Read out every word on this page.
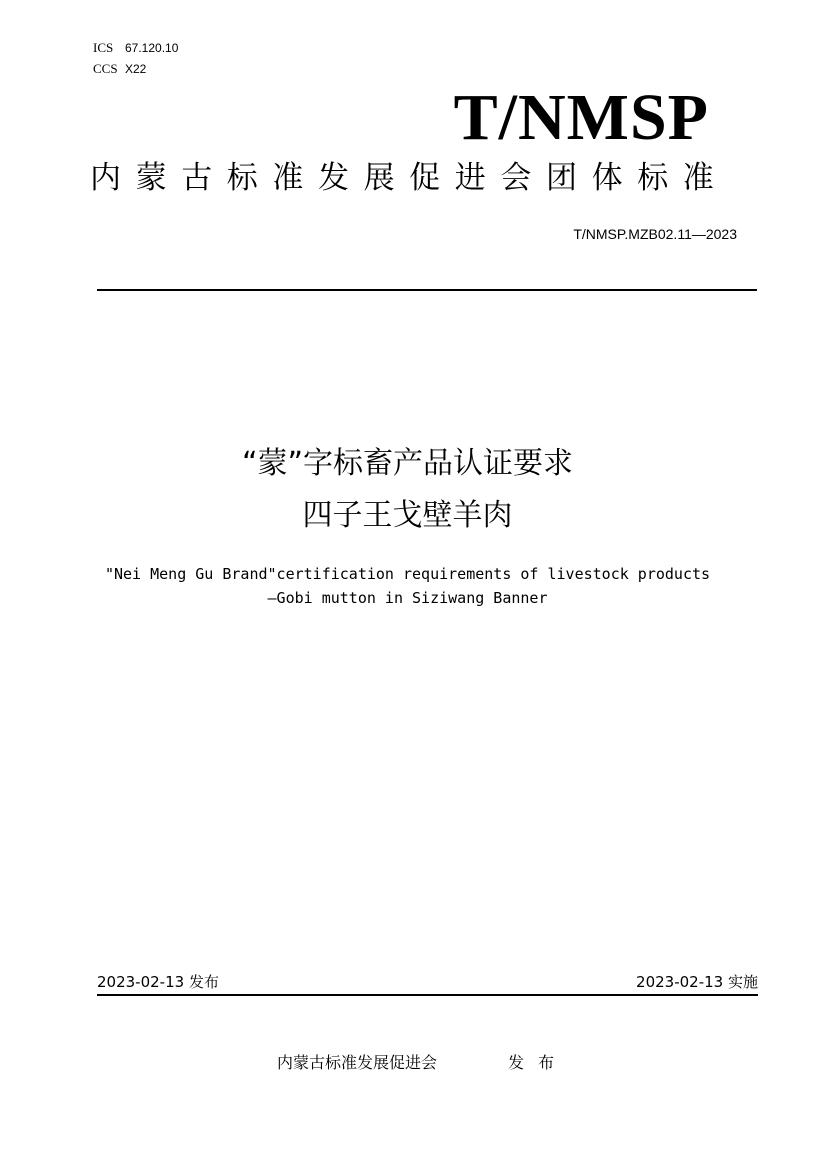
ICS 67.120.10
CCS X22
T/NMSP
内蒙古标准发展促进会团体标准
T/NMSP.MZB02.11—2023
“蒙”字标畜产品认证要求
四子王戈壁羊肉
"Nei Meng Gu Brand"certification requirements of livestock products
—Gobi mutton in Siziwang Banner
2023-02-13 发布	2023-02-13 实施
内蒙古标准发展促进会	发布
